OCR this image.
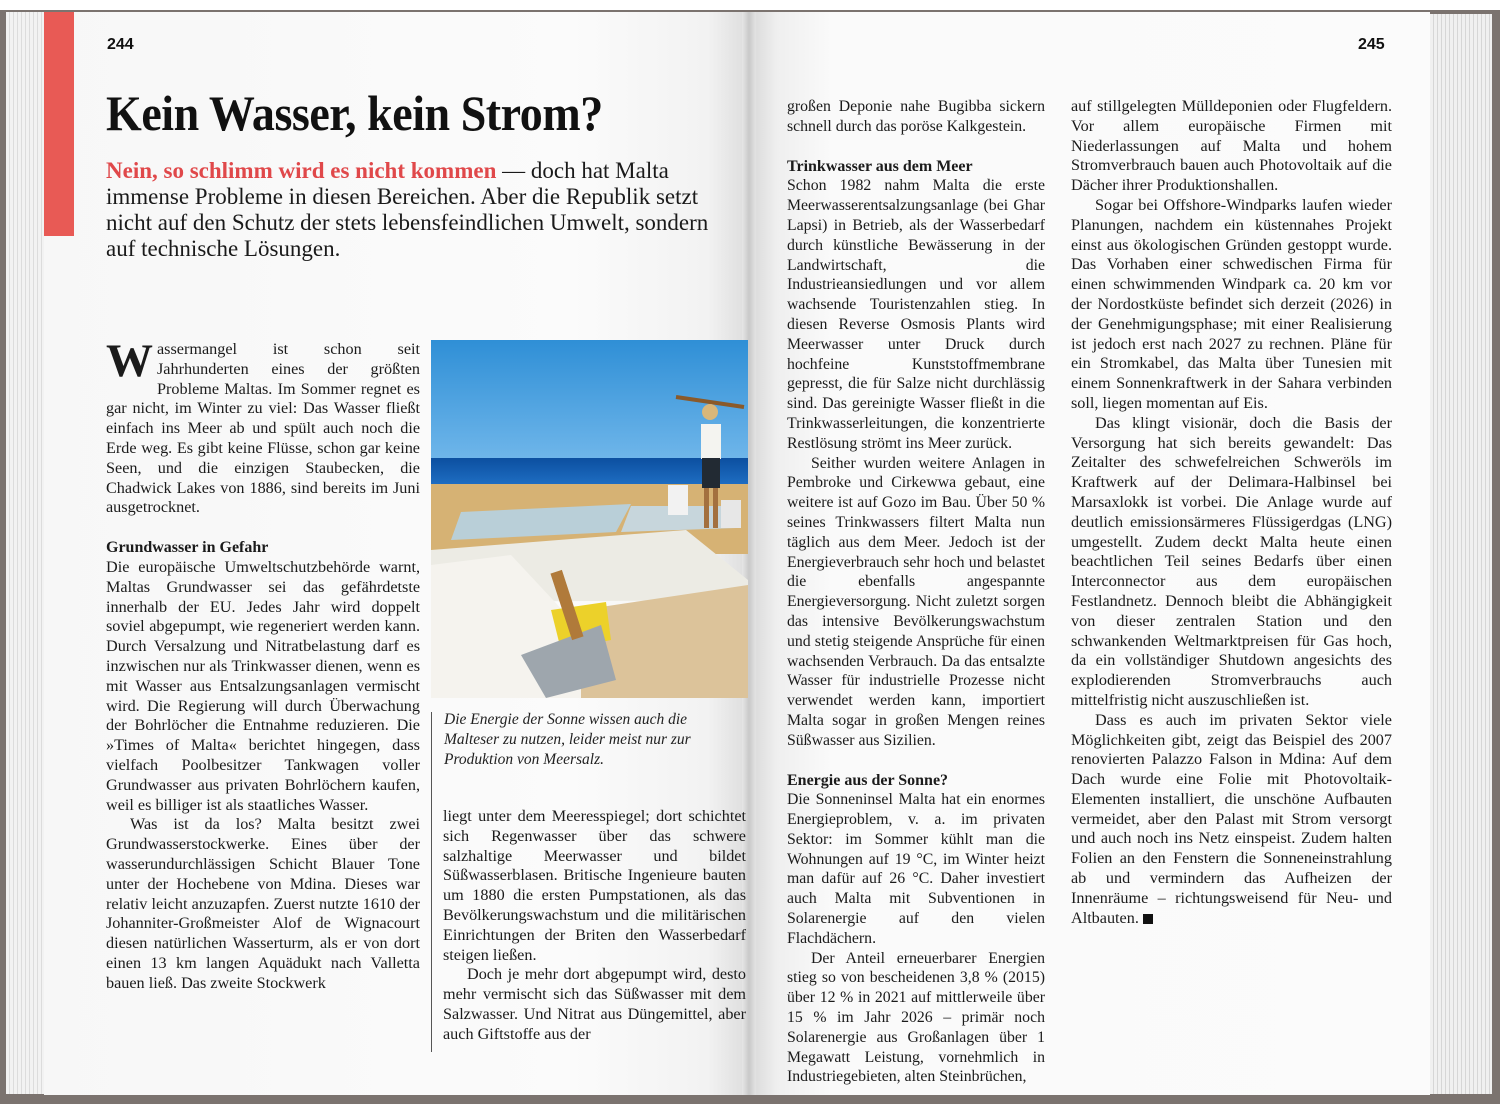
244	245
Kein Wasser, kein Strom?
Nein, so schlimm wird es nicht kommen — doch hat Malta immense Probleme in diesen Bereichen. Aber die Republik setzt nicht auf den Schutz der stets lebensfeindlichen Umwelt, sondern auf technische Lösungen.

Wassermangel ist schon seit Jahrhunderten eines der größten Probleme Maltas. Im Sommer regnet es gar nicht, im Winter zu viel: Das Wasser fließt einfach ins Meer ab und spült auch noch die Erde weg. Es gibt keine Flüsse, schon gar keine Seen, und die einzigen Staubecken, die Chadwick Lakes von 1886, sind bereits im Juni ausgetrocknet.

Grundwasser in Gefahr

Die europäische Umweltschutzbehörde warnt, Maltas Grundwasser sei das gefährdetste innerhalb der EU. Jedes Jahr wird doppelt soviel abgepumpt, wie regeneriert werden kann. Durch Versalzung und Nitratbelastung darf es inzwischen nur als Trinkwasser dienen, wenn es mit Wasser aus Entsalzungsanlagen vermischt wird. Die Regierung will durch Überwachung der Bohrlöcher die Entnahme reduzieren. Die »Times of Malta« berichtet hingegen, dass vielfach Poolbesitzer Tankwagen voller Grundwasser aus privaten Bohrlöchern kaufen, weil es billiger ist als staatliches Wasser.

Was ist da los? Malta besitzt zwei Grundwasserstockwerke. Eines über der wasserundurchlässigen Schicht Blauer Tone unter der Hochebene von Mdina. Dieses war relativ leicht anzuzapfen. Zuerst nutzte 1610 der Johanniter-Großmeister Alof de Wignacourt diesen natürlichen Wasserturm, als er von dort einen 13 km langen Aquädukt nach Valletta bauen ließ. Das zweite Stockwerk

Die Energie der Sonne wissen auch die Malteser zu nutzen, leider meist nur zur Produktion von Meersalz.

liegt unter dem Meeresspiegel; dort schichtet sich Regenwasser über das schwere salzhaltige Meerwasser und bildet Süßwasserblasen. Britische Ingenieure bauten um 1880 die ersten Pumpstationen, als das Bevölkerungswachstum und die militärischen Einrichtungen der Briten den Wasserbedarf steigen ließen.

Doch je mehr dort abgepumpt wird, desto mehr vermischt sich das Süßwasser mit dem Salzwasser. Und Nitrat aus Düngemittel, aber auch Giftstoffe aus der

großen Deponie nahe Bugibba sickern schnell durch das poröse Kalkgestein.

Trinkwasser aus dem Meer

Schon 1982 nahm Malta die erste Meerwasserentsalzungsanlage (bei Ghar Lapsi) in Betrieb, als der Wasserbedarf durch künstliche Bewässerung in der Landwirtschaft, die Industrieansiedlungen und vor allem wachsende Touristenzahlen stieg. In diesen Reverse Osmosis Plants wird Meerwasser unter Druck durch hochfeine Kunststoffmembrane gepresst, die für Salze nicht durchlässig sind. Das gereinigte Wasser fließt in die Trinkwasserleitungen, die konzentrierte Restlösung strömt ins Meer zurück.

Seither wurden weitere Anlagen in Pembroke und Cirkewwa gebaut, eine weitere ist auf Gozo im Bau. Über 50 % seines Trinkwassers filtert Malta nun täglich aus dem Meer. Jedoch ist der Energieverbrauch sehr hoch und belastet die ebenfalls angespannte Energieversorgung. Nicht zuletzt sorgen das intensive Bevölkerungswachstum und stetig steigende Ansprüche für einen wachsenden Verbrauch. Da das entsalzte Wasser für industrielle Prozesse nicht verwendet werden kann, importiert Malta sogar in großen Mengen reines Süßwasser aus Sizilien.

Energie aus der Sonne?

Die Sonneninsel Malta hat ein enormes Energieproblem, v. a. im privaten Sektor: im Sommer kühlt man die Wohnungen auf 19 °C, im Winter heizt man dafür auf 26 °C. Daher investiert auch Malta mit Subventionen in Solarenergie auf den vielen Flachdächern.

Der Anteil erneuerbarer Energien stieg so von bescheidenen 3,8 % (2015) über 12 % in 2021 auf mittlerweile über 15 % im Jahr 2026 – primär noch Solarenergie aus Großanlagen über 1 Megawatt Leistung, vornehmlich in Industriegebieten, alten Steinbrüchen,

auf stillgelegten Mülldeponien oder Flugfeldern. Vor allem europäische Firmen mit Niederlassungen auf Malta und hohem Stromverbrauch bauen auch Photovoltaik auf die Dächer ihrer Produktionshallen.

Sogar bei Offshore-Windparks laufen wieder Planungen, nachdem ein küstennahes Projekt einst aus ökologischen Gründen gestoppt wurde. Das Vorhaben einer schwedischen Firma für einen schwimmenden Windpark ca. 20 km vor der Nordostküste befindet sich derzeit (2026) in der Genehmigungsphase; mit einer Realisierung ist jedoch erst nach 2027 zu rechnen. Pläne für ein Stromkabel, das Malta über Tunesien mit einem Sonnenkraftwerk in der Sahara verbinden soll, liegen momentan auf Eis.

Das klingt visionär, doch die Basis der Versorgung hat sich bereits gewandelt: Das Zeitalter des schwefelreichen Schweröls im Kraftwerk auf der Delimara-Halbinsel bei Marsaxlokk ist vorbei. Die Anlage wurde auf deutlich emissionsärmeres Flüssigerdgas (LNG) umgestellt. Zudem deckt Malta heute einen beachtlichen Teil seines Bedarfs über einen Interconnector aus dem europäischen Festlandnetz. Dennoch bleibt die Abhängigkeit von dieser zentralen Station und den schwankenden Weltmarktpreisen für Gas hoch, da ein vollständiger Shutdown angesichts des explodierenden Stromverbrauchs auch mittelfristig nicht auszuschließen ist.

Dass es auch im privaten Sektor viele Möglichkeiten gibt, zeigt das Beispiel des 2007 renovierten Palazzo Falson in Mdina: Auf dem Dach wurde eine Folie mit Photovoltaik-Elementen installiert, die unschöne Aufbauten vermeidet, aber den Palast mit Strom versorgt und auch noch ins Netz einspeist. Zudem halten Folien an den Fenstern die Sonneneinstrahlung ab und vermindern das Aufheizen der Innenräume – richtungsweisend für Neu- und Altbauten.
